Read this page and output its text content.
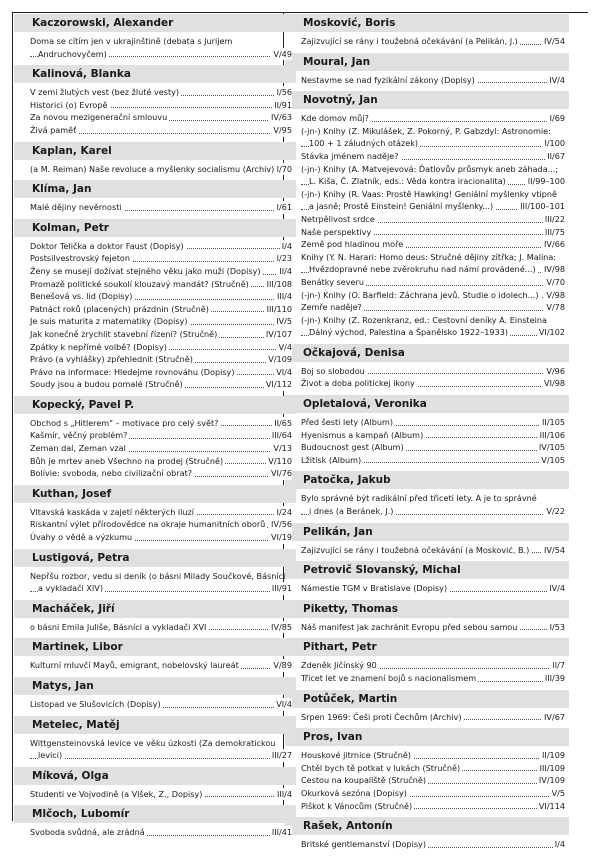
Kaczorowski, Alexander
Doma se cítím jen v ukrajinštině (debata s Jurijem
Andruchovyčem)	V/49
Kalinová, Blanka
V zemi žlutých vest (bez žluté vesty)	I/56
Historici (o) Evropě	II/91
Za novou mezigenerační smlouvu	IV/63
Živá paměť	V/95
Kaplan, Karel
(a M. Reiman) Naše revoluce a myšlenky socialismu (Archiv) I/70
Klíma, Jan
Malé dějiny nevěrnosti	I/61
Kolman, Petr
Doktor Telička a doktor Faust (Dopisy)	I/4
Postsilvestrovský fejeton	I/23
Ženy se musejí dožívat stejného věku jako muži (Dopisy) II/4
Promazě politické soukolí klouzavý mandát? (Stručně) III/108
Benešová vs. lid (Dopisy)	III/4
Patnáct roků (placených) prázdnin (Stručně)	III/110
Je suis maturita z matematiky (Dopisy)	IV/5
Jak konečně zrychlit stavební řízení? (Stručně)	IV/107
Zpátky k nepřímé volbě? (Dopisy)	V/4
Právo (a vyhlášky) zpřehlednit (Stručně)	V/109
Právo na informace: Hledejme rovnováhu (Dopisy)	VI/4
Soudy jsou a budou pomalé (Stručně)	VI/112
Kopecký, Pavel P.
Obchod s „Hitlerem" – motivace pro celý svět?	II/65
Kašmír, věčný problém?	III/64
Zeman dal, Zeman vzal	V/13
Bůh je mrtev aneb Všechno na prodej (Stručně)	V/110
Bolívie: svoboda, nebo civilizační obrat?	VI/76
Kuthan, Josef
Vltavská kaskáda v zajetí některých iluzí	I/24
Riskantní výlet přírodovědce na okraje humanitních oborů IV/56
Úvahy o vědě a výzkumu	VI/19
Lustigová, Petra
Nepřšu rozbor, vedu si deník (o básni Milady Součkové, Básníci
a vykladači XIV)	III/91
Macháček, Jiří
o básni Emila Juliše, Básníci a vykladači XVI	IV/85
Martinek, Libor
Kulturní mluvčí Mayů, emigrant, nobelovský laureát	V/89
Matys, Jan
Listopad ve Slušovicích (Dopisy)	VI/4
Metelec, Matěj
Wittgensteinovská levice ve věku úzkosti (Za demokratickou
levici)	III/27
Míková, Olga
Studenti ve Vojvodině (a Vlšek, Z., Dopisy)	III/4
Mlčoch, Lubomír
Svoboda svůdná, ale zrádná	III/41
Mosković, Boris
Zajizvující se rány i toužebná očekávání (a Pelikán, J.)	IV/54
Moural, Jan
Nestavme se nad fyzikální zákony (Dopisy)	IV/4
Novotný, Jan
Kde domov můj?	I/69
(-jn-) Knihy (Z. Mikulášek, Z. Pokorný, P. Gabzdyl: Astronomie:
100 + 1 záludných otázek)	I/100
Stávka jménem naděje?	II/67
(-jn-) Knihy (A. Matvejevová: Ďatlovův průsmyk aneb záhada...;
L. Kiša, Č. Zlatník, eds.: Věda kontra iracionalita)	II/99–100
(-jn-) Knihy (R. Vaas: Prostě Hawking! Geniální myšlenky vtipně
a jasně; Prostě Einstein! Geniální myšlenky...)	III/100–101
Netrpělivost srdce	III/22
Naše perspektivy	III/75
Země pod hladinou moře	IV/66
Knihy (Y. N. Harari: Homo deus: Stručné dějiny zítřka; J. Malina:
Hvězdopravné nebe zvěrokruhu nad námi provádené...)	IV/98
Benátky severu	V/70
(-jn-) Knihy (O. Barfield: Záchrana jevů. Studie o idolech...) V/98
Zemře naděje?	V/78
(-jn-) Knihy (Z. Rozenkranz, ed.: Cestovní deníky A. Einsteina
Dálný východ, Palestina a Španělsko 1922–1933)	VI/102
Očkajová, Denisa
Boj so slobodou	V/96
Život a doba politickej ikony	VI/98
Opletalová, Veronika
Před šesti lety (Album)	II/105
Hyenismus a kampaň (Album)	III/106
Budoucnost gest (Album)	IV/105
Lžitisk (Album)	V/105
Patočka, Jakub
Bylo správné být radikální před třiceti lety. A je to správné
i dnes (a Beránek, J.)	V/22
Pelikán, Jan
Zajizvující se rány i toužebná očekávání (a Mosković, B.) IV/54
Petrovič Slovanský, Michal
Námestie TGM v Bratislave (Dopisy)	IV/4
Piketty, Thomas
Náš manifest jak zachránit Evropu před sebou samou	I/53
Pithart, Petr
Zdeněk Jičínský 90	II/7
Třicet let ve znamení bojů s nacionalismem	III/39
Potůček, Martin
Srpen 1969: Češi proti Čechům (Archiv)	IV/67
Pros, Ivan
Houskové jitrnice (Stručně)	II/109
Chtěl bych tě potkat v lukách (Stručně)	III/109
Cestou na koupaliště (Stručně)	IV/109
Okurková sezóna (Dopisy)	V/5
Piškot k Vánocům (Stručně)	VI/114
Rašek, Antonín
Britské gentlemanství (Dopisy)	I/4
